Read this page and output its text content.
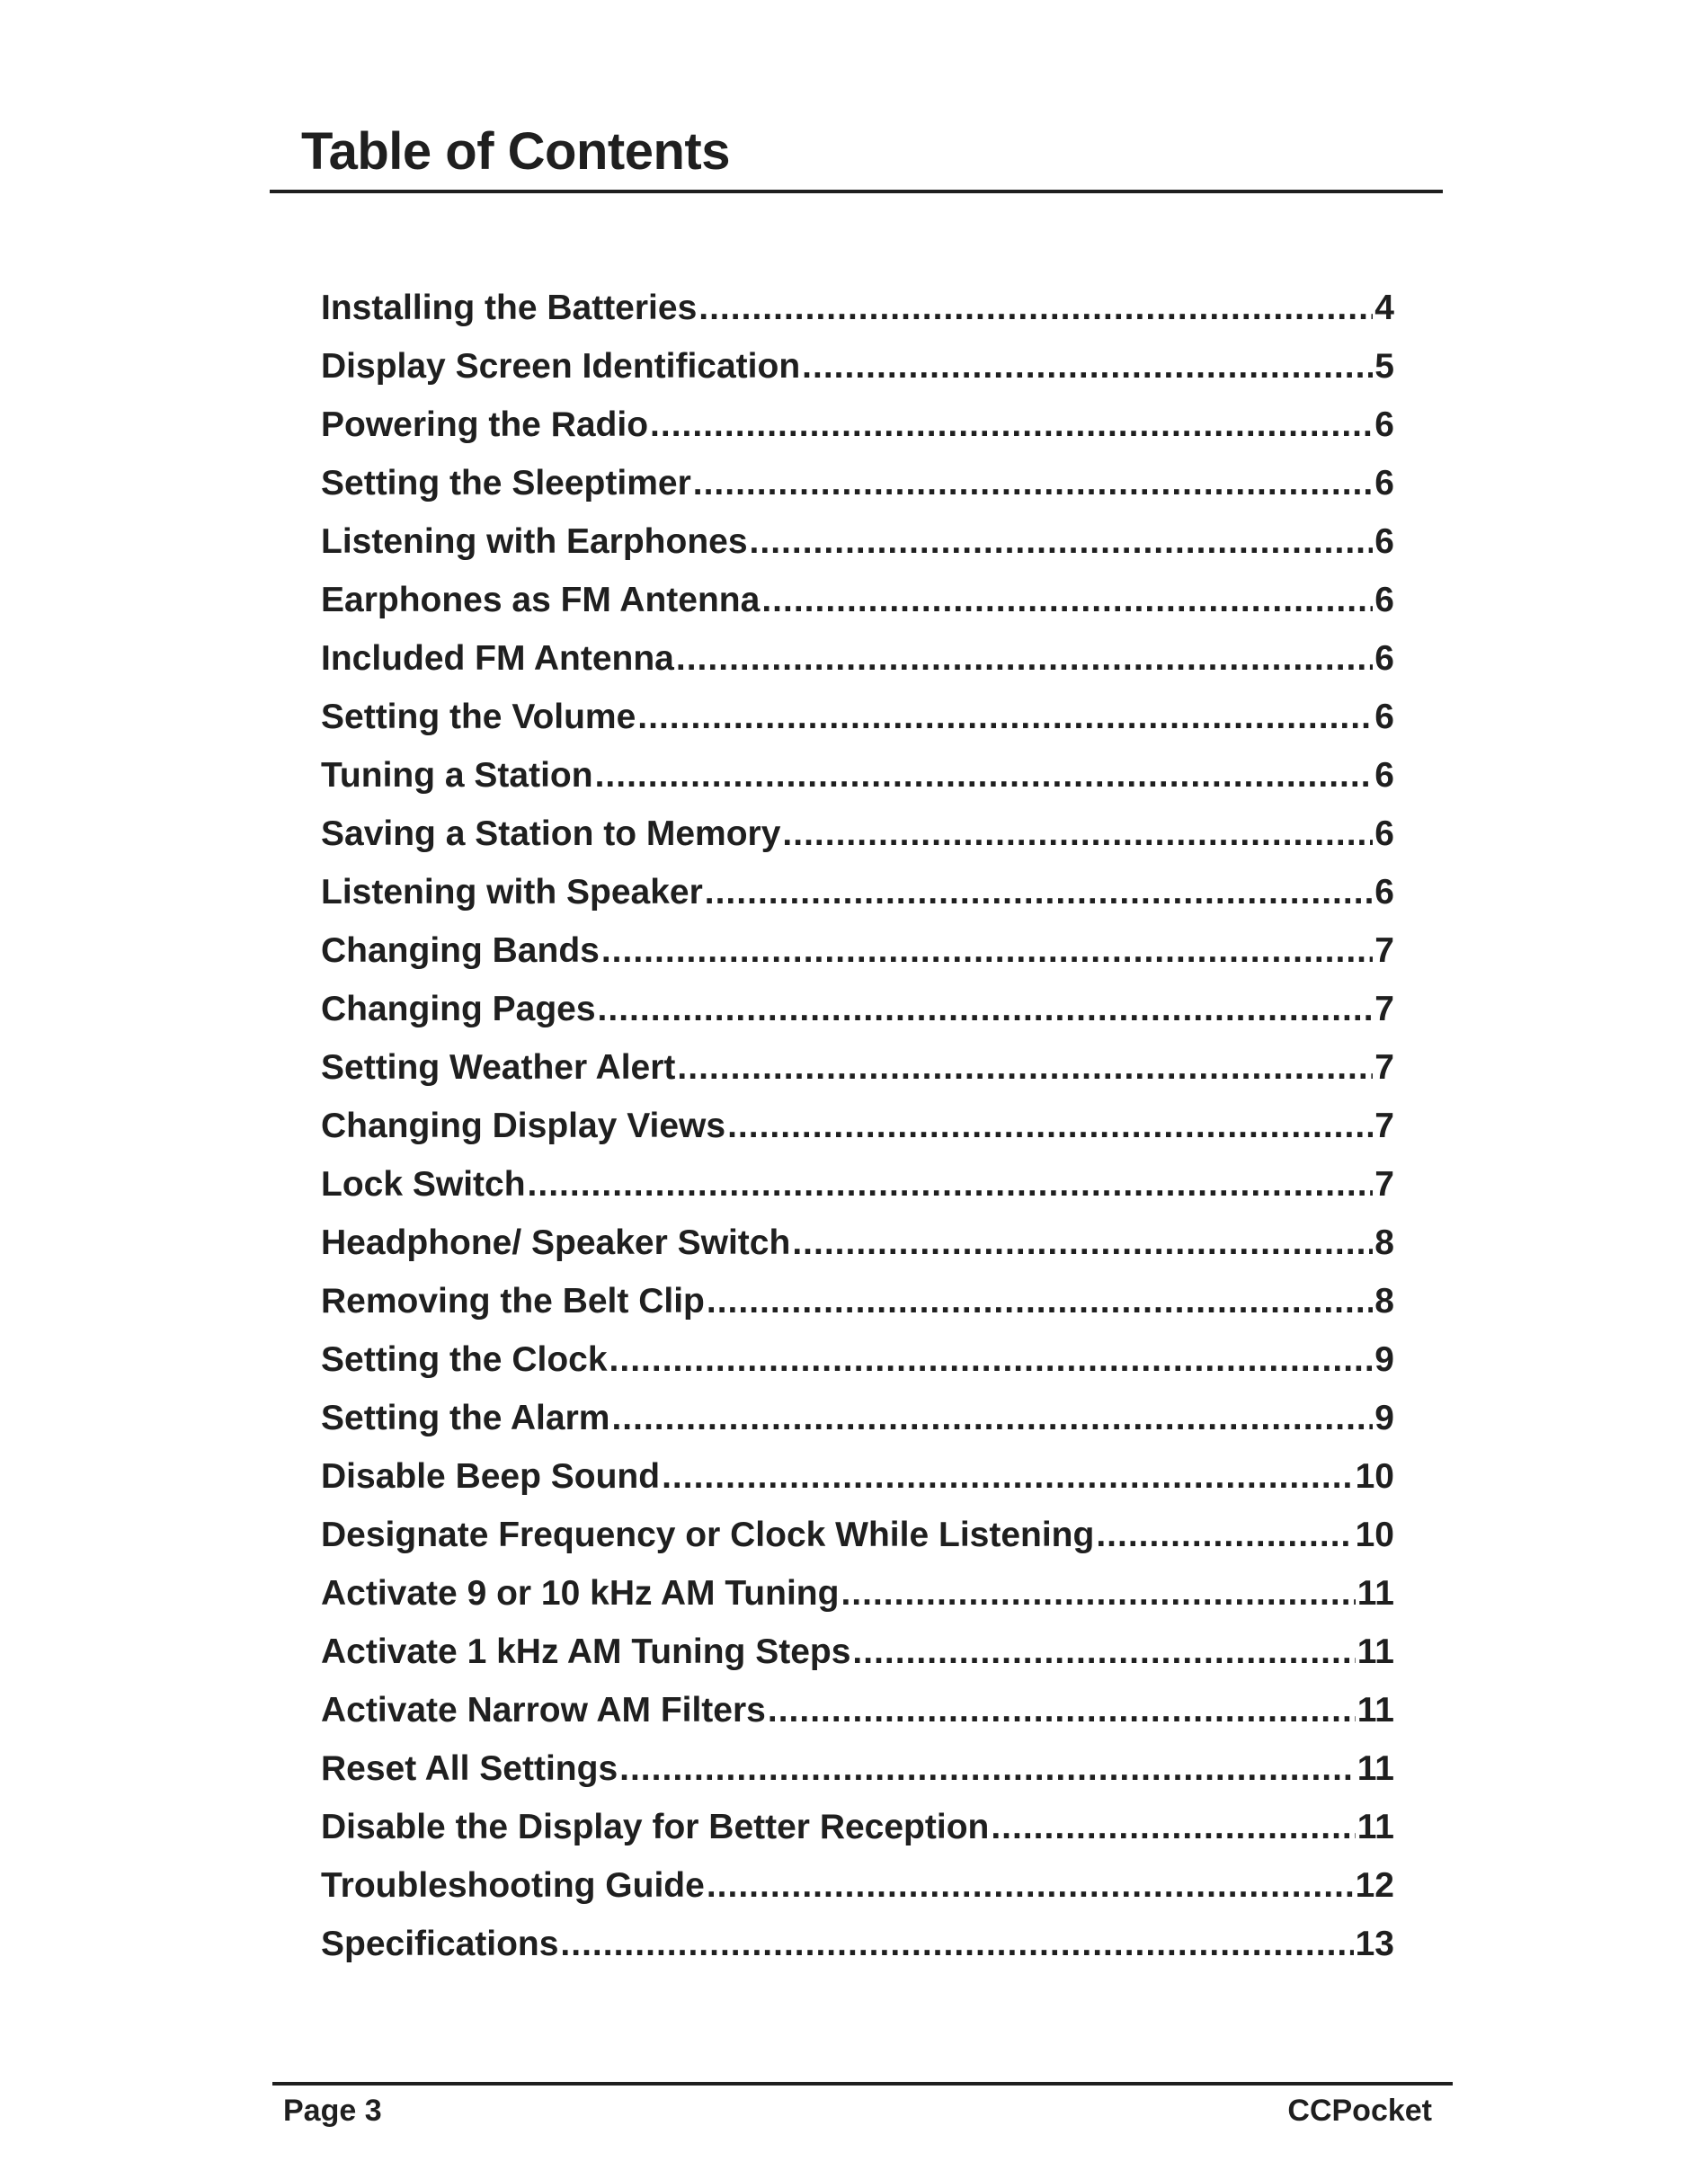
Table of Contents
Installing the Batteries .....	4
Display Screen Identification .....	5
Powering the Radio .....	6
Setting the Sleeptimer .....	6
Listening with Earphones .....	6
Earphones as FM Antenna .....	6
Included FM Antenna .....	6
Setting the Volume .....	6
Tuning a Station .....	6
Saving a Station to Memory .....	6
Listening with Speaker .....	6
Changing Bands .....	7
Changing Pages .....	7
Setting Weather Alert .....	7
Changing Display Views .....	7
Lock Switch .....	7
Headphone/ Speaker Switch .....	8
Removing the Belt Clip .....	8
Setting the Clock .....	9
Setting the Alarm .....	9
Disable Beep Sound .....	10
Designate Frequency or Clock While Listening .....	10
Activate 9 or 10 kHz AM Tuning .....	11
Activate 1 kHz AM Tuning Steps .....	11
Activate Narrow AM Filters .....	11
Reset All Settings .....	11
Disable the Display for Better Reception .....	11
Troubleshooting Guide .....	12
Specifications .....	13
Page 3	CCPocket
